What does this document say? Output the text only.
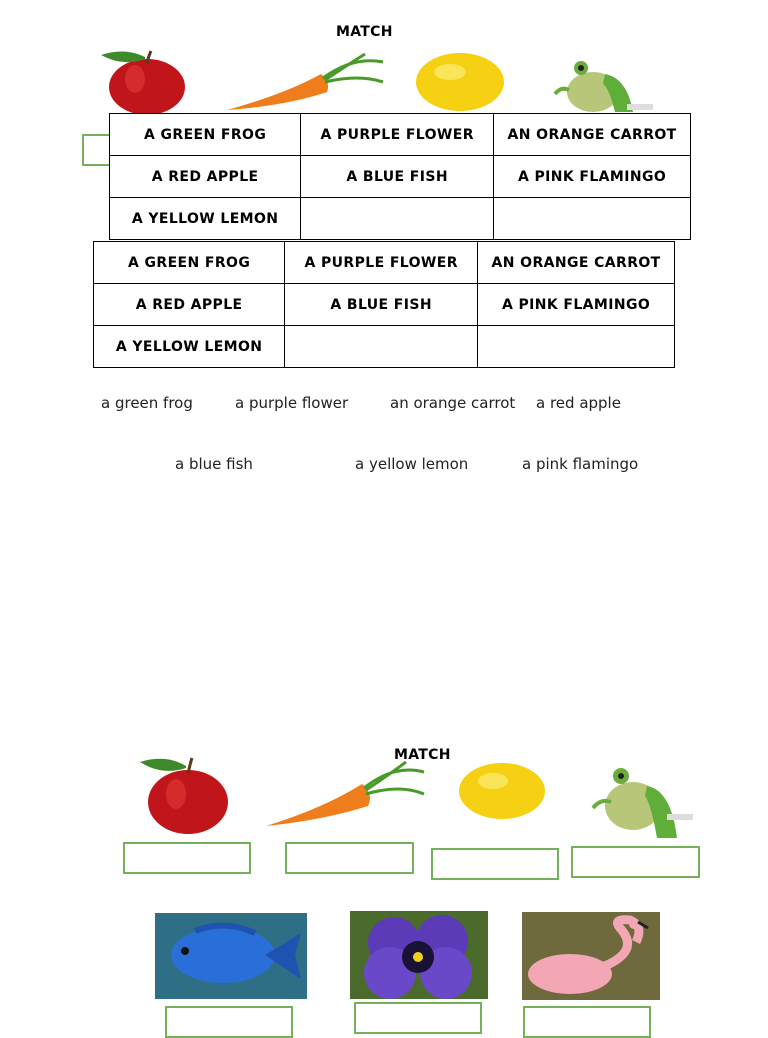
MATCH
A GREEN FROG	A PURPLE FLOWER	AN ORANGE CARROT
A RED APPLE	A BLUE FISH	A PINK FLAMINGO
A YELLOW LEMON		
A GREEN FROG	A PURPLE FLOWER	AN ORANGE CARROT
A RED APPLE	A BLUE FISH	A PINK FLAMINGO
A YELLOW LEMON		
a green frog	a purple flower	an orange carrot a red apple
a blue fish	a yellow lemon	a pink flamingo
MATCH
